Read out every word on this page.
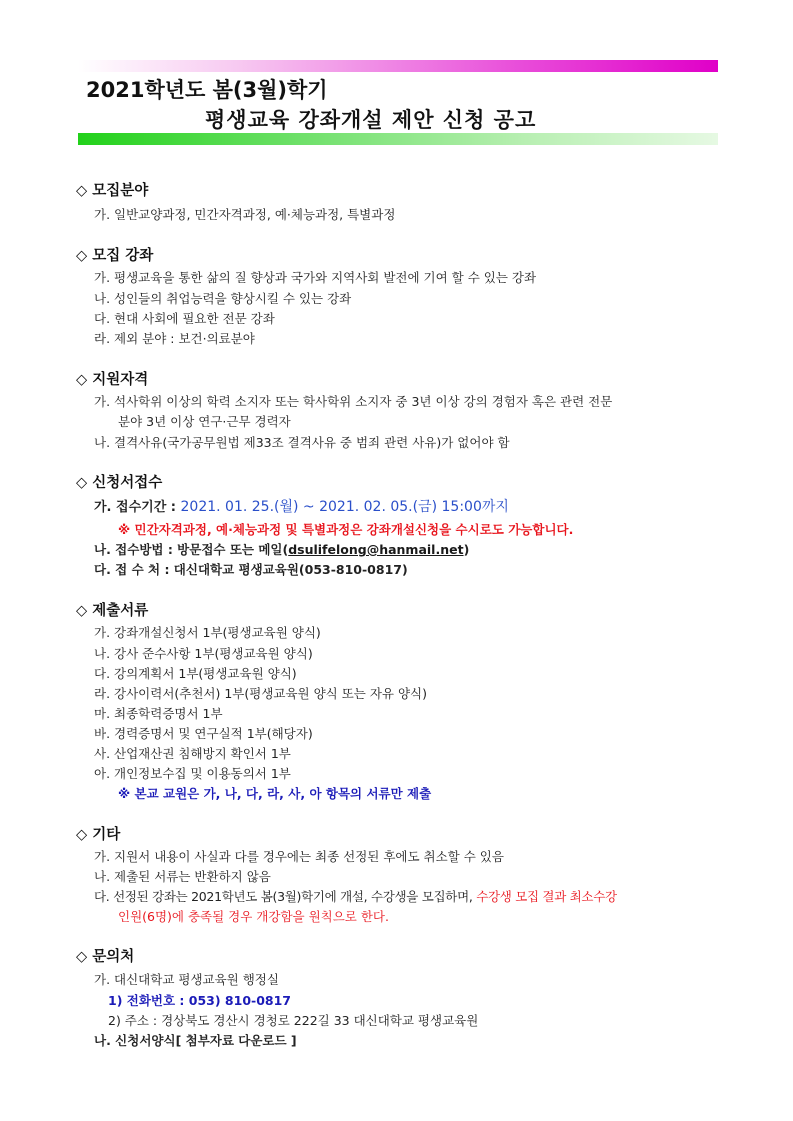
2021학년도 봄(3월)학기
평생교육 강좌개설 제안 신청 공고
◇ 모집분야
가. 일반교양과정, 민간자격과정, 예·체능과정, 특별과정
◇ 모집 강좌
가. 평생교육을 통한 삶의 질 향상과 국가와 지역사회 발전에 기여 할 수 있는 강좌
나. 성인들의 취업능력을 향상시킬 수 있는 강좌
다. 현대 사회에 필요한 전문 강좌
라. 제외 분야 : 보건·의료분야
◇ 지원자격
가. 석사학위 이상의 학력 소지자 또는 학사학위 소지자 중 3년 이상 강의 경험자 혹은 관련 전문
분야 3년 이상 연구·근무 경력자
나. 결격사유(국가공무원법 제33조 결격사유 중 범죄 관련 사유)가 없어야 함
◇ 신청서접수
가. 접수기간 : 2021. 01. 25.(월) ~ 2021. 02. 05.(금) 15:00까지
※ 민간자격과정, 예·체능과정 및 특별과정은 강좌개설신청을 수시로도 가능합니다.
나. 접수방법 : 방문접수 또는 메일(dsulifelong@hanmail.net)
다. 접 수 처 : 대신대학교 평생교육원(053-810-0817)
◇ 제출서류
가. 강좌개설신청서 1부(평생교육원 양식)
나. 강사 준수사항 1부(평생교육원 양식)
다. 강의계획서 1부(평생교육원 양식)
라. 강사이력서(추천서) 1부(평생교육원 양식 또는 자유 양식)
마. 최종학력증명서 1부
바. 경력증명서 및 연구실적 1부(해당자)
사. 산업재산권 침해방지 확인서 1부
아. 개인정보수집 및 이용동의서 1부
※ 본교 교원은 가, 나, 다, 라, 사, 아 항목의 서류만 제출
◇ 기타
가. 지원서 내용이 사실과 다를 경우에는 최종 선정된 후에도 취소할 수 있음
나. 제출된 서류는 반환하지 않음
다. 선정된 강좌는 2021학년도 봄(3월)학기에 개설, 수강생을 모집하며, 수강생 모집 결과 최소수강
인원(6명)에 충족될 경우 개강함을 원칙으로 한다.
◇ 문의처
가. 대신대학교 평생교육원 행정실
1) 전화번호 : 053) 810-0817
2) 주소 : 경상북도 경산시 경청로 222길 33 대신대학교 평생교육원
나. 신청서양식[ 첨부자료 다운로드 ]
